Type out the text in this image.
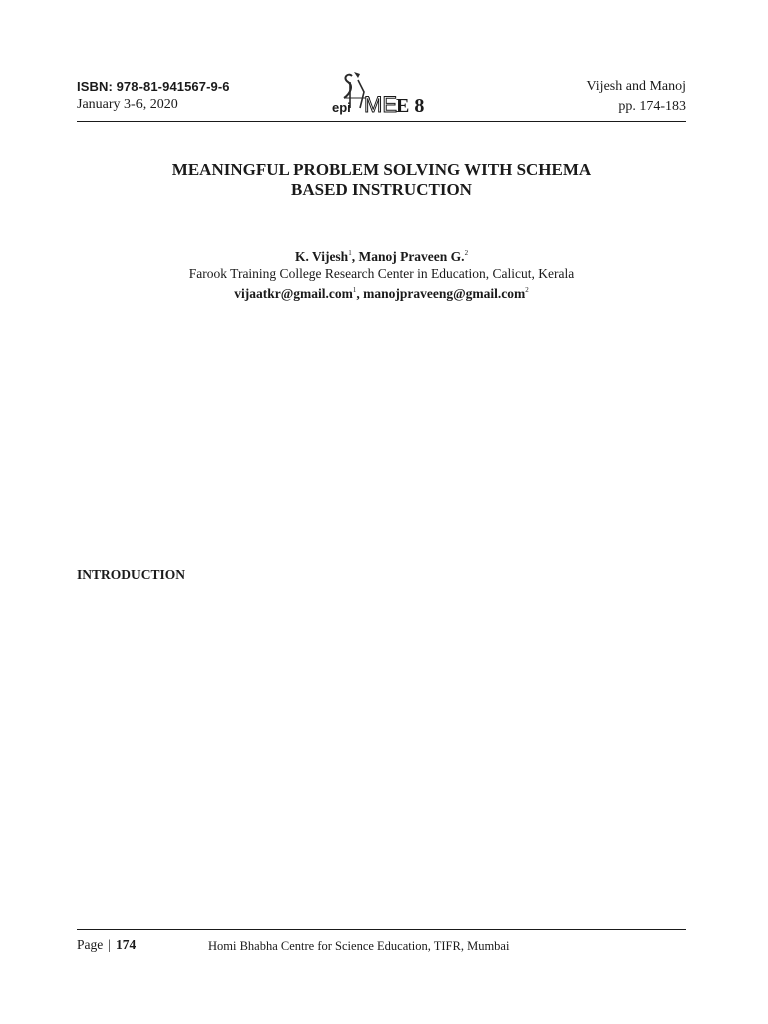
ISBN: 978-81-941567-9-6
January 3-6, 2020	epi ME E 8
Vijesh and Manoj
pp. 174-183
MEANINGFUL PROBLEM SOLVING WITH SCHEMA
BASED INSTRUCTION
K. Vijesh$^1$, Manoj Praveen G.$^2$
Farook Training College Research Center in Education, Calicut, Kerala
vijaatkr@gmail.com$^1$, manojpraveeng@gmail.com$^2$
INTRODUCTION
Page | 174	Homi Bhabha Centre for Science Education, TIFR, Mumbai
